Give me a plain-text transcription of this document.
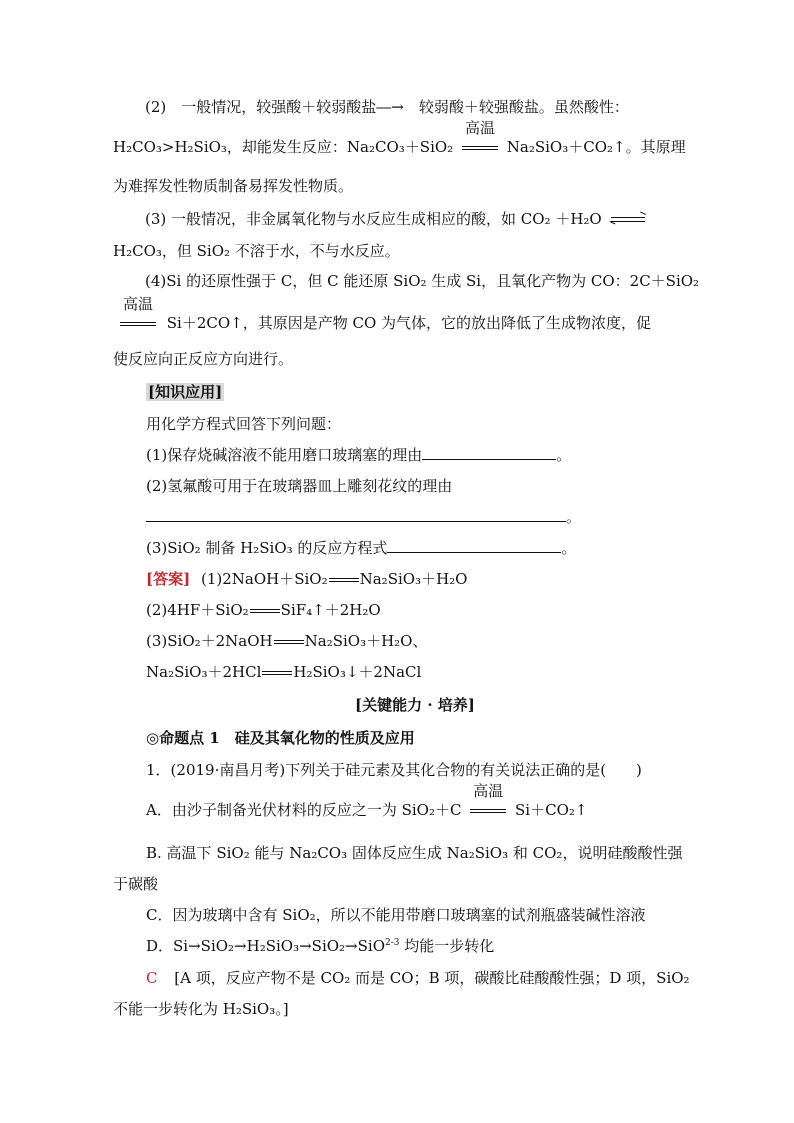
(2)　一般情况，较强酸＋较弱酸盐―→　较弱酸＋较强酸盐。虽然酸性：
H₂CO₃>H₂SiO₃，却能发生反应：Na₂CO₃＋SiO₂
高温
Na₂SiO₃＋CO₂↑。其原理
为难挥发性物质制备易挥发性物质。
(3) 一般情况，非金属氧化物与水反应生成相应的酸，如 CO₂ ＋H₂O ⇌
H₂CO₃，但 SiO₂ 不溶于水，不与水反应。
(4)Si 的还原性强于 C，但 C 能还原 SiO₂ 生成 Si，且氧化产物为 CO：2C＋SiO₂
高温
Si＋2CO↑，其原因是产物 CO 为气体，它的放出降低了生成物浓度，促
使反应向正反应方向进行。
[知识应用]
用化学方程式回答下列问题：
(1)保存烧碱溶液不能用磨口玻璃塞的理由	。
(2)氢氟酸可用于在玻璃器皿上雕刻花纹的理由
。
(3)SiO₂ 制备 H₂SiO₃ 的反应方程式	。
[答案] (1)2NaOH＋SiO₂ Na₂SiO₃＋H₂O
(2)4HF＋SiO₂ SiF₄↑＋2H₂O
(3)SiO₂＋2NaOH Na₂SiO₃＋H₂O、
Na₂SiO₃＋2HCl H₂SiO₃↓＋2NaCl
[关键能力 · 培养]
◎命题点 1　硅及其氧化物的性质及应用
1．(2019·南昌月考)下列关于硅元素及其化合物的有关说法正确的是(　　)
A．由沙子制备光伏材料的反应之一为 SiO₂＋C
高温
Si＋CO₂↑
B. 高温下 SiO₂ 能与 Na₂CO₃ 固体反应生成 Na₂SiO₃ 和 CO₂，说明硅酸酸性强
于碳酸
C．因为玻璃中含有 SiO₂，所以不能用带磨口玻璃塞的试剂瓶盛装碱性溶液
D．Si→SiO₂→H₂SiO₃→SiO₂→SiO$^{2-3}$ 均能一步转化
C [A 项，反应产物不是 CO₂ 而是 CO；B 项，碳酸比硅酸酸性强；D 项，SiO₂
不能一步转化为 H₂SiO₃。]
